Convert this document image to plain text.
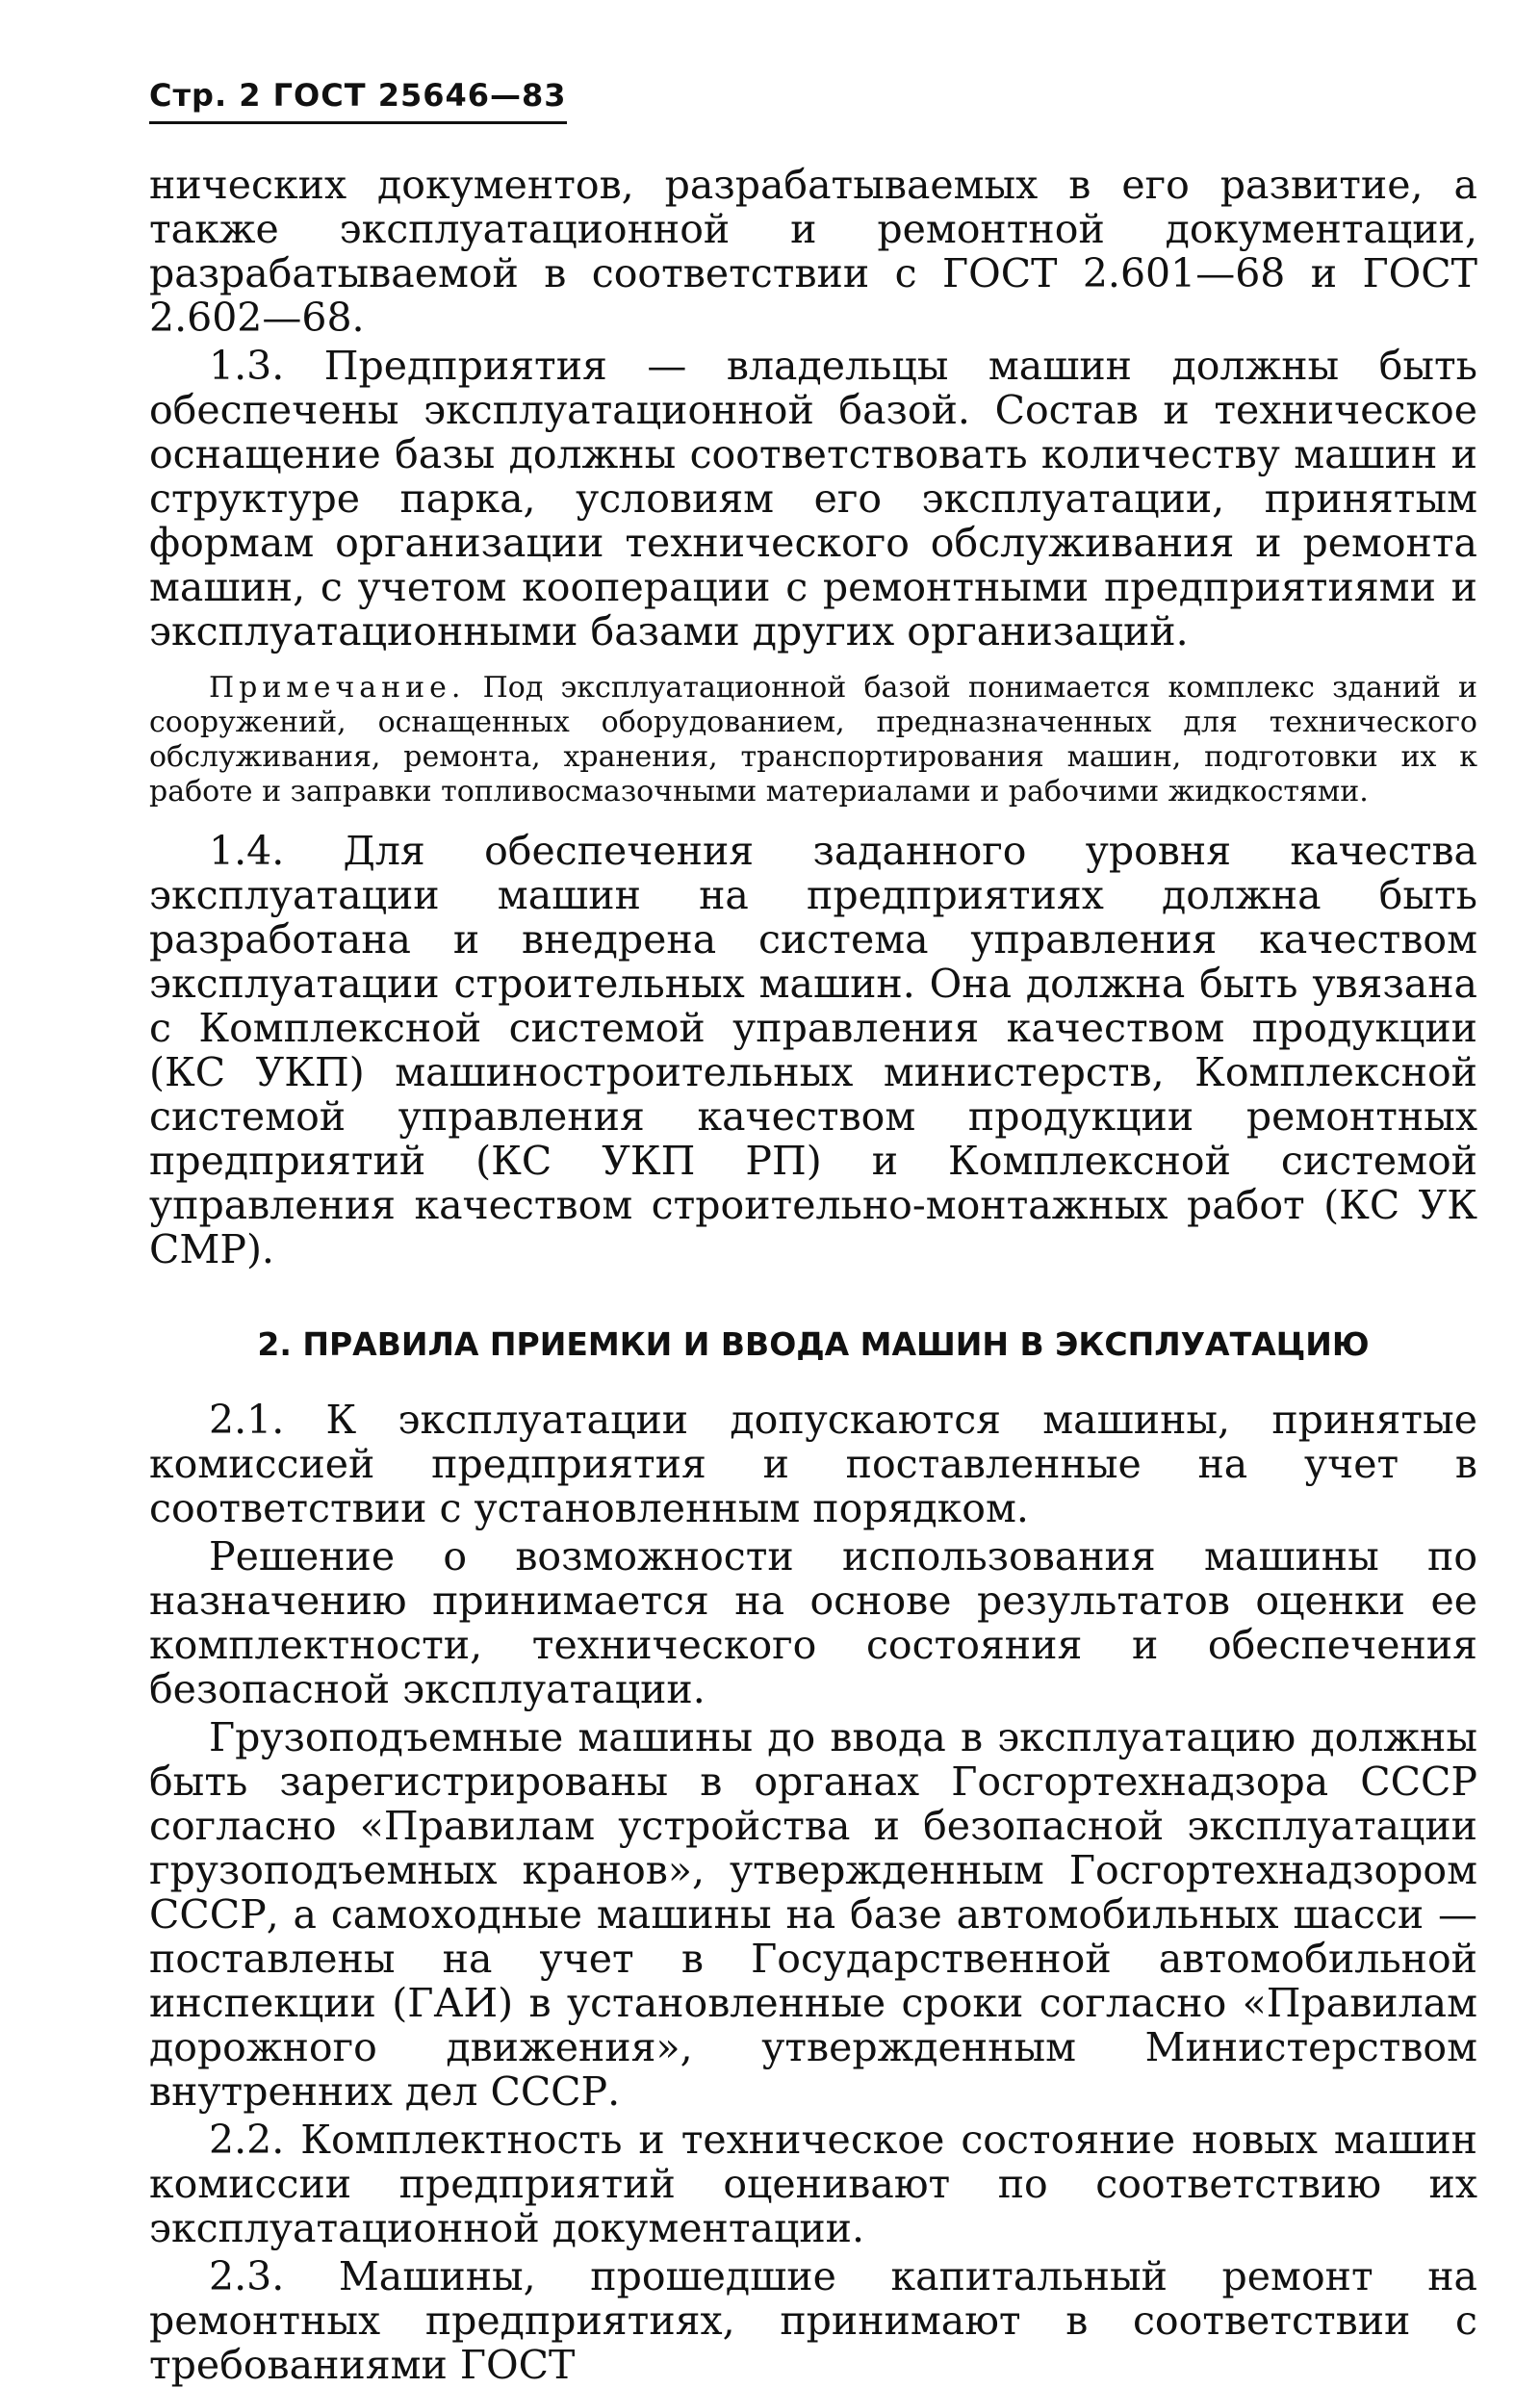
Стр. 2 ГОСТ 25646—83

нических документов, разрабатываемых в его развитие, а также эксплуатационной и ремонтной документации, разрабатываемой в соответствии с ГОСТ 2.601—68 и ГОСТ 2.602—68.

1.3. Предприятия — владельцы машин должны быть обеспечены эксплуатационной базой. Состав и техническое оснащение базы должны соответствовать количеству машин и структуре парка, условиям его эксплуатации, принятым формам организации технического обслуживания и ремонта машин, с учетом кооперации с ремонтными предприятиями и эксплуатационными базами других организаций.

Примечание. Под эксплуатационной базой понимается комплекс зданий и сооружений, оснащенных оборудованием, предназначенных для технического обслуживания, ремонта, хранения, транспортирования машин, подготовки их к работе и заправки топливосмазочными материалами и рабочими жидкостями.

1.4. Для обеспечения заданного уровня качества эксплуатации машин на предприятиях должна быть разработана и внедрена система управления качеством эксплуатации строительных машин. Она должна быть увязана с Комплексной системой управления качеством продукции (КС УКП) машиностроительных министерств, Комплексной системой управления качеством продукции ремонтных предприятий (КС УКП РП) и Комплексной системой управления качеством строительно-монтажных работ (КС УК СМР).

2. ПРАВИЛА ПРИЕМКИ И ВВОДА МАШИН В ЭКСПЛУАТАЦИЮ

2.1. К эксплуатации допускаются машины, принятые комиссией предприятия и поставленные на учет в соответствии с установленным порядком.

Решение о возможности использования машины по назначению принимается на основе результатов оценки ее комплектности, технического состояния и обеспечения безопасной эксплуатации.

Грузоподъемные машины до ввода в эксплуатацию должны быть зарегистрированы в органах Госгортехнадзора СССР согласно «Правилам устройства и безопасной эксплуатации грузоподъемных кранов», утвержденным Госгортехнадзором СССР, а самоходные машины на базе автомобильных шасси — поставлены на учет в Государственной автомобильной инспекции (ГАИ) в установленные сроки согласно «Правилам дорожного движения», утвержденным Министерством внутренних дел СССР.

2.2. Комплектность и техническое состояние новых машин комиссии предприятий оценивают по соответствию их эксплуатационной документации.

2.3. Машины, прошедшие капитальный ремонт на ремонтных предприятиях, принимают в соответствии с требованиями ГОСТ
